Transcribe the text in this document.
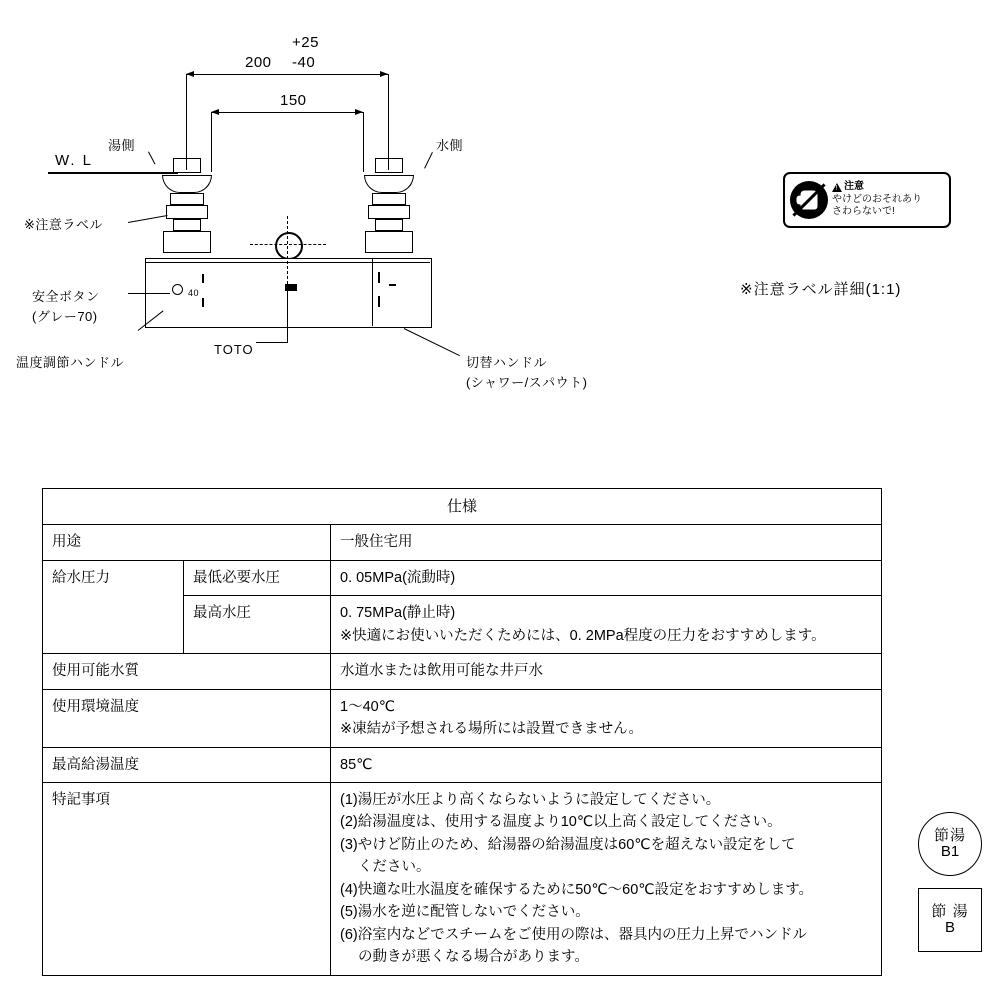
+25
200 -40
150
W. L
湯側	水側
40
※注意ラベル
安全ボタン
(グレー70)
温度調節ハンドル
TOTO
切替ハンドル
(シャワー/スパウト)
!
注意
やけどのおそれあり
さわらないで!
※注意ラベル詳細(1:1)
仕様		
用途		一般住宅用
給水圧力	最低必要水圧	0. 05MPa(流動時)
	最高水圧	0. 75MPa(静止時)
※快適にお使いいただくためには、0. 2MPa程度の圧力をおすすめします。

使用可能水質		水道水または飲用可能な井戸水
使用環境温度		1～40℃
※凍結が予想される場所には設置できません。

最高給湯温度		85℃
特記事項	(1) 湯圧が水圧より高くならないように設定してください。
(2) 給湯温度は、使用する温度より10℃以上高く設定してください。
(3) やけど防止のため、給湯器の給湯温度は60℃を超えない設定をして
ください。
(4) 快適な吐水温度を確保するために50℃～60℃設定をおすすめします。
(5) 湯水を逆に配管しないでください。
(6) 浴室内などでスチームをご使用の際は、器具内の圧力上昇でハンドル
の動きが悪くなる場合があります。
節湯
B1
節 湯
B
